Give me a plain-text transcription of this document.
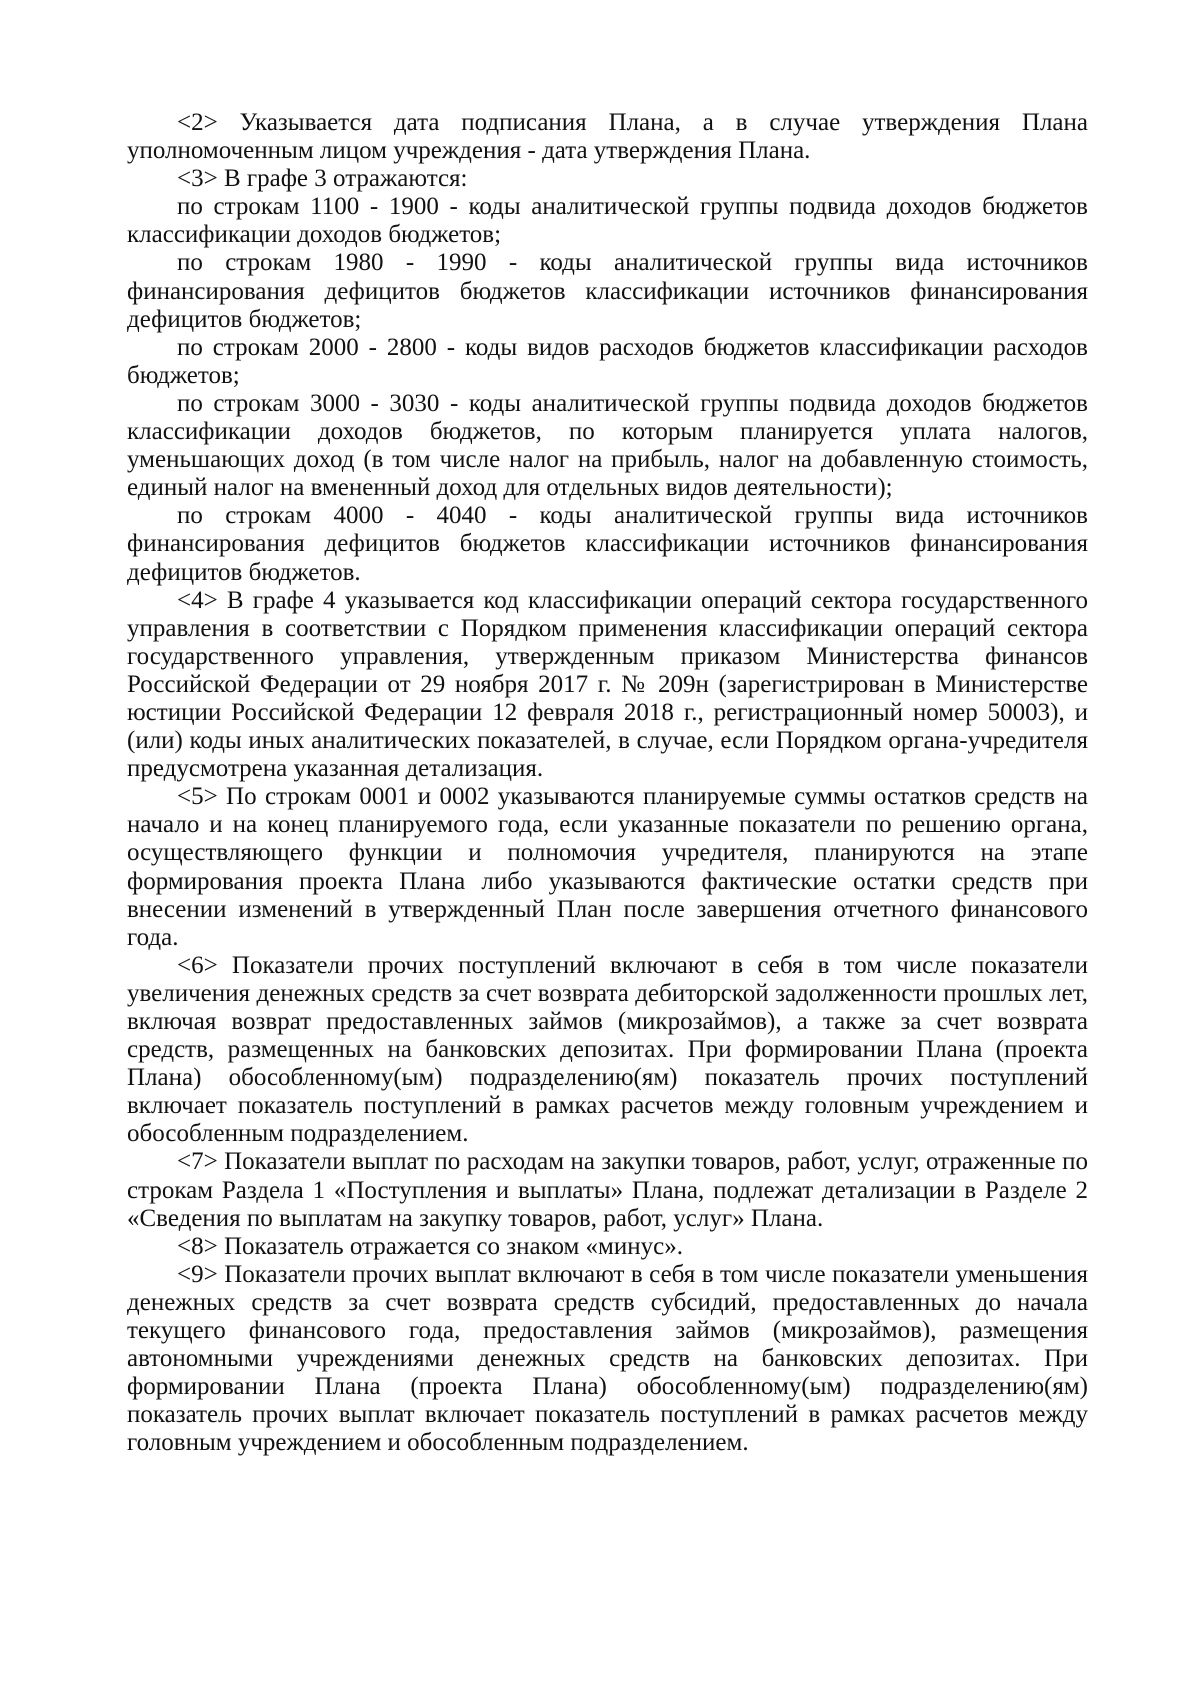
<2> Указывается дата подписания Плана, а в случае утверждения Плана уполномоченным лицом учреждения - дата утверждения Плана.

<3> В графе 3 отражаются:

по строкам 1100 - 1900 - коды аналитической группы подвида доходов бюджетов классификации доходов бюджетов;

по строкам 1980 - 1990 - коды аналитической группы вида источников финансирования дефицитов бюджетов классификации источников финансирования дефицитов бюджетов;

по строкам 2000 - 2800 - коды видов расходов бюджетов классификации расходов бюджетов;

по строкам 3000 - 3030 - коды аналитической группы подвида доходов бюджетов классификации доходов бюджетов, по которым планируется уплата налогов, уменьшающих доход (в том числе налог на прибыль, налог на добавленную стоимость, единый налог на вмененный доход для отдельных видов деятельности);

по строкам 4000 - 4040 - коды аналитической группы вида источников финансирования дефицитов бюджетов классификации источников финансирования дефицитов бюджетов.

<4> В графе 4 указывается код классификации операций сектора государственного управления в соответствии с Порядком применения классификации операций сектора государственного управления, утвержденным приказом Министерства финансов Российской Федерации от 29 ноября 2017 г. № 209н (зарегистрирован в Министерстве юстиции Российской Федерации 12 февраля 2018 г., регистрационный номер 50003), и (или) коды иных аналитических показателей, в случае, если Порядком органа-учредителя предусмотрена указанная детализация.

<5> По строкам 0001 и 0002 указываются планируемые суммы остатков средств на начало и на конец планируемого года, если указанные показатели по решению органа, осуществляющего функции и полномочия учредителя, планируются на этапе формирования проекта Плана либо указываются фактические остатки средств при внесении изменений в утвержденный План после завершения отчетного финансового года.

<6> Показатели прочих поступлений включают в себя в том числе показатели увеличения денежных средств за счет возврата дебиторской задолженности прошлых лет, включая возврат предоставленных займов (микрозаймов), а также за счет возврата средств, размещенных на банковских депозитах. При формировании Плана (проекта Плана) обособленному(ым) подразделению(ям) показатель прочих поступлений включает показатель поступлений в рамках расчетов между головным учреждением и обособленным подразделением.

<7> Показатели выплат по расходам на закупки товаров, работ, услуг, отраженные по строкам Раздела 1 «Поступления и выплаты» Плана, подлежат детализации в Разделе 2 «Сведения по выплатам на закупку товаров, работ, услуг» Плана.

<8> Показатель отражается со знаком «минус».

<9> Показатели прочих выплат включают в себя в том числе показатели уменьшения денежных средств за счет возврата средств субсидий, предоставленных до начала текущего финансового года, предоставления займов (микрозаймов), размещения автономными учреждениями денежных средств на банковских депозитах. При формировании Плана (проекта Плана) обособленному(ым) подразделению(ям) показатель прочих выплат включает показатель поступлений в рамках расчетов между головным учреждением и обособленным подразделением.
